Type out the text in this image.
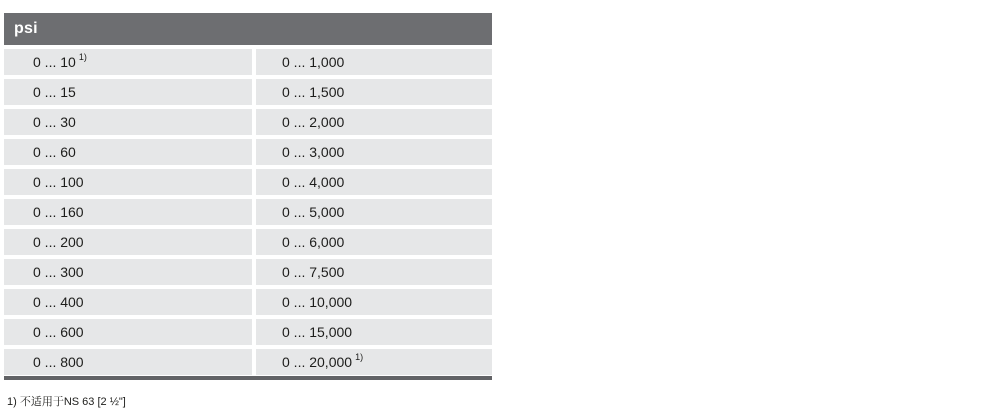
psi
0 ... 10 $^{1)}$	0 ... 1,000
0 ... 15	0 ... 1,500
0 ... 30	0 ... 2,000
0 ... 60	0 ... 3,000
0 ... 100	0 ... 4,000
0 ... 160	0 ... 5,000
0 ... 200	0 ... 6,000
0 ... 300	0 ... 7,500
0 ... 400	0 ... 10,000
0 ... 600	0 ... 15,000
0 ... 800	0 ... 20,000 $^{1)}$
1) 不适用于NS 63 [2 ½"]
